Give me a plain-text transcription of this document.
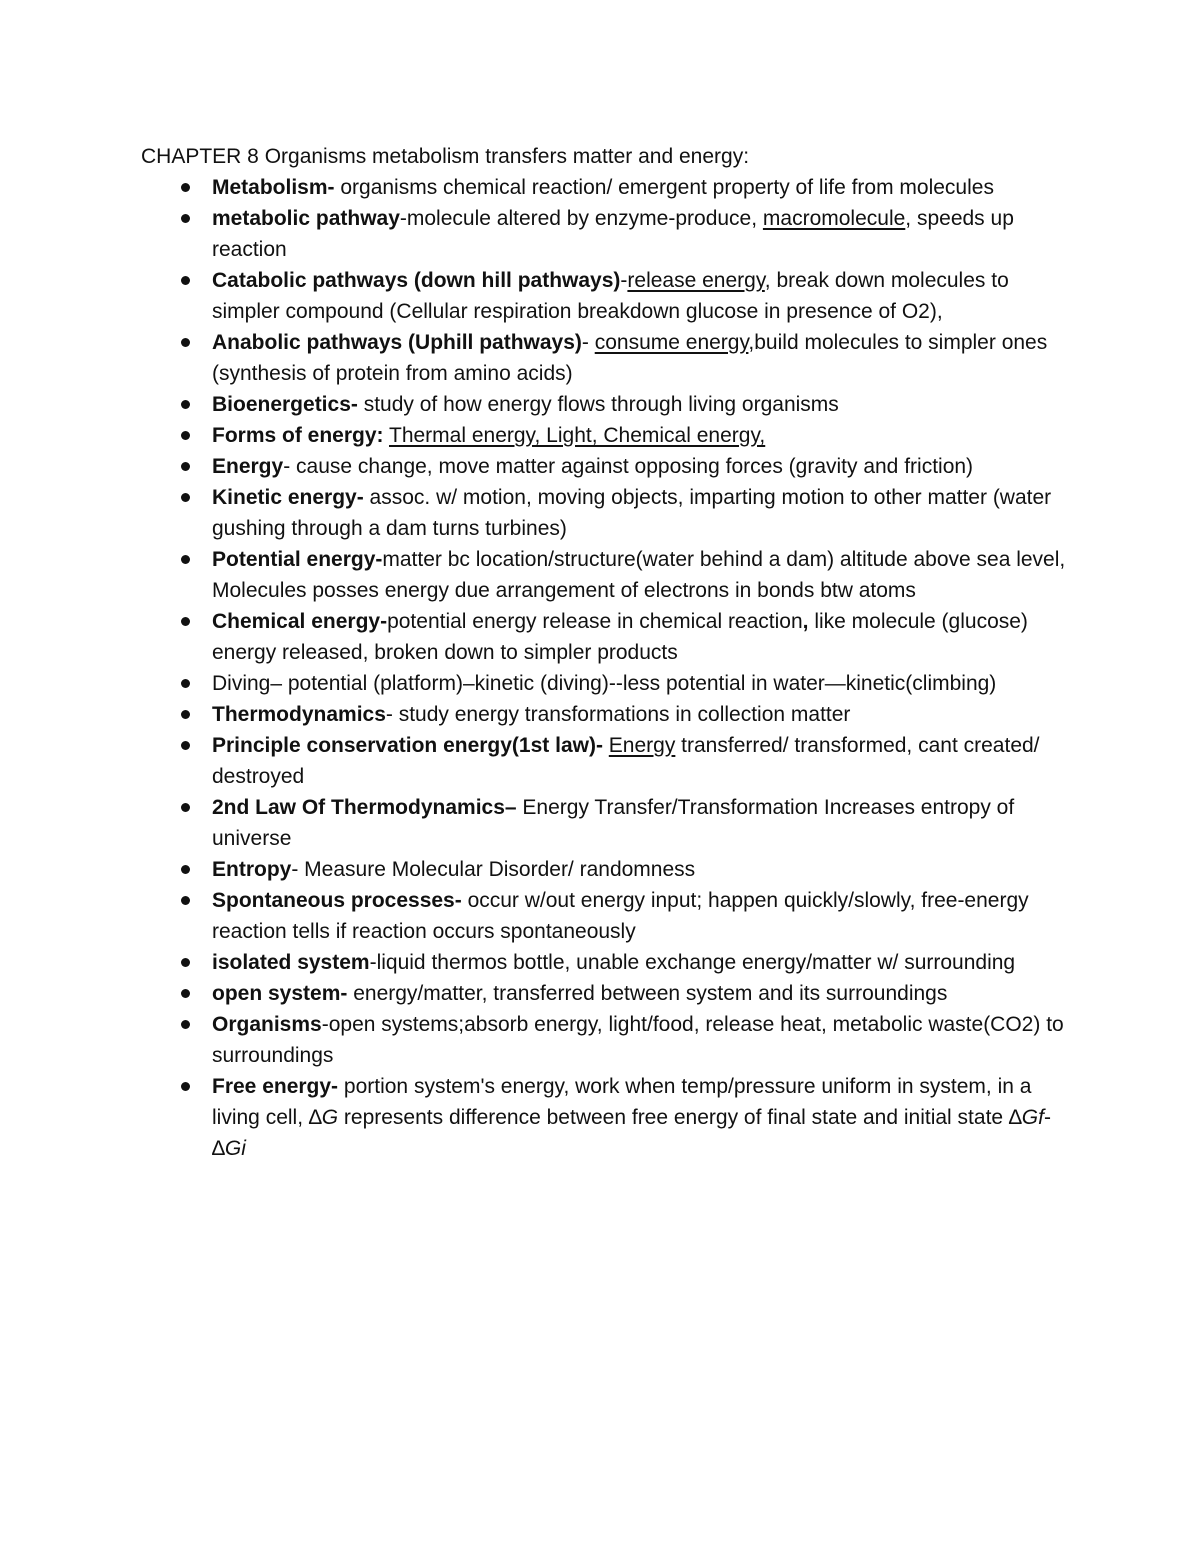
CHAPTER 8 Organisms metabolism transfers matter and energy:

Metabolism- organisms chemical reaction/ emergent property of life from molecules
metabolic pathway-molecule altered by enzyme-produce, macromolecule, speeds up reaction
Catabolic pathways (down hill pathways)-release energy, break down molecules to simpler compound (Cellular respiration breakdown glucose in presence of O2),
Anabolic pathways (Uphill pathways)- consume energy,build molecules to simpler ones (synthesis of protein from amino acids)
Bioenergetics- study of how energy flows through living organisms
Forms of energy: Thermal energy, Light, Chemical energy,
Energy- cause change, move matter against opposing forces (gravity and friction)
Kinetic energy- assoc. w/ motion, moving objects, imparting motion to other matter (water gushing through a dam turns turbines)
Potential energy-matter bc location/structure(water behind a dam) altitude above sea level, Molecules posses energy due arrangement of electrons in bonds btw atoms
Chemical energy-potential energy release in chemical reaction, like molecule (glucose) energy released, broken down to simpler products
Diving– potential (platform)–kinetic (diving)--less potential in water—kinetic(climbing)
Thermodynamics- study energy transformations in collection matter
Principle conservation energy(1st law)- Energy transferred/ transformed, cant created/ destroyed
2nd Law Of Thermodynamics– Energy Transfer/Transformation Increases entropy of universe
Entropy- Measure Molecular Disorder/ randomness
Spontaneous processes- occur w/out energy input; happen quickly/slowly, free-energy reaction tells if reaction occurs spontaneously
isolated system-liquid thermos bottle, unable exchange energy/matter w/ surrounding
open system- energy/matter, transferred between system and its surroundings
Organisms-open systems;absorb energy, light/food, release heat, metabolic waste(CO2) to surroundings
Free energy- portion system's energy, work when temp/pressure uniform in system, in a living cell, ∆G represents difference between free energy of final state and initial state ∆Gf-∆Gi
